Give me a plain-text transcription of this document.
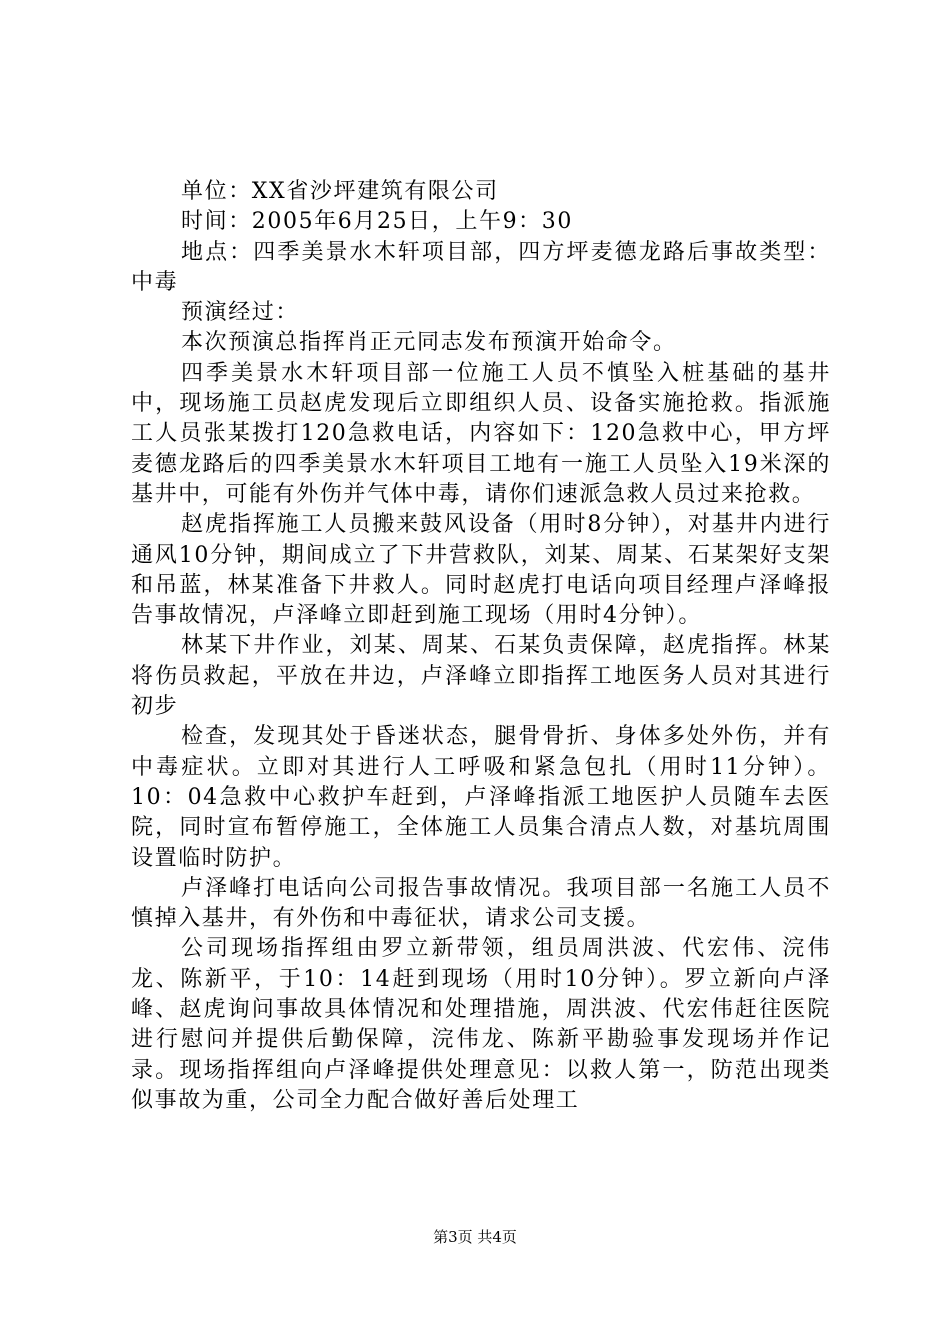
单位：XX省沙坪建筑有限公司

时间：2005年6月25日，上午9：30

地点：四季美景水木轩项目部，四方坪麦德龙路后事故类型：中毒

预演经过：

本次预演总指挥肖正元同志发布预演开始命令。

四季美景水木轩项目部一位施工人员不慎坠入桩基础的基井中，现场施工员赵虎发现后立即组织人员、设备实施抢救。指派施工人员张某拨打120急救电话，内容如下：120急救中心，甲方坪麦德龙路后的四季美景水木轩项目工地有一施工人员坠入19米深的基井中，可能有外伤并气体中毒，请你们速派急救人员过来抢救。

赵虎指挥施工人员搬来鼓风设备（用时8分钟），对基井内进行通风10分钟，期间成立了下井营救队，刘某、周某、石某架好支架和吊蓝，林某准备下井救人。同时赵虎打电话向项目经理卢泽峰报告事故情况，卢泽峰立即赶到施工现场（用时4分钟）。

林某下井作业，刘某、周某、石某负责保障，赵虎指挥。林某将伤员救起，平放在井边，卢泽峰立即指挥工地医务人员对其进行初步

检查，发现其处于昏迷状态，腿骨骨折、身体多处外伤，并有中毒症状。立即对其进行人工呼吸和紧急包扎（用时11分钟）。10：04急救中心救护车赶到，卢泽峰指派工地医护人员随车去医院，同时宣布暂停施工，全体施工人员集合清点人数，对基坑周围设置临时防护。

卢泽峰打电话向公司报告事故情况。我项目部一名施工人员不慎掉入基井，有外伤和中毒征状，请求公司支援。

公司现场指挥组由罗立新带领，组员周洪波、代宏伟、浣伟龙、陈新平，于10：14赶到现场（用时10分钟）。罗立新向卢泽峰、赵虎询问事故具体情况和处理措施，周洪波、代宏伟赶往医院进行慰问并提供后勤保障，浣伟龙、陈新平勘验事发现场并作记录。现场指挥组向卢泽峰提供处理意见：以救人第一，防范出现类似事故为重，公司全力配合做好善后处理工

第3页 共4页
